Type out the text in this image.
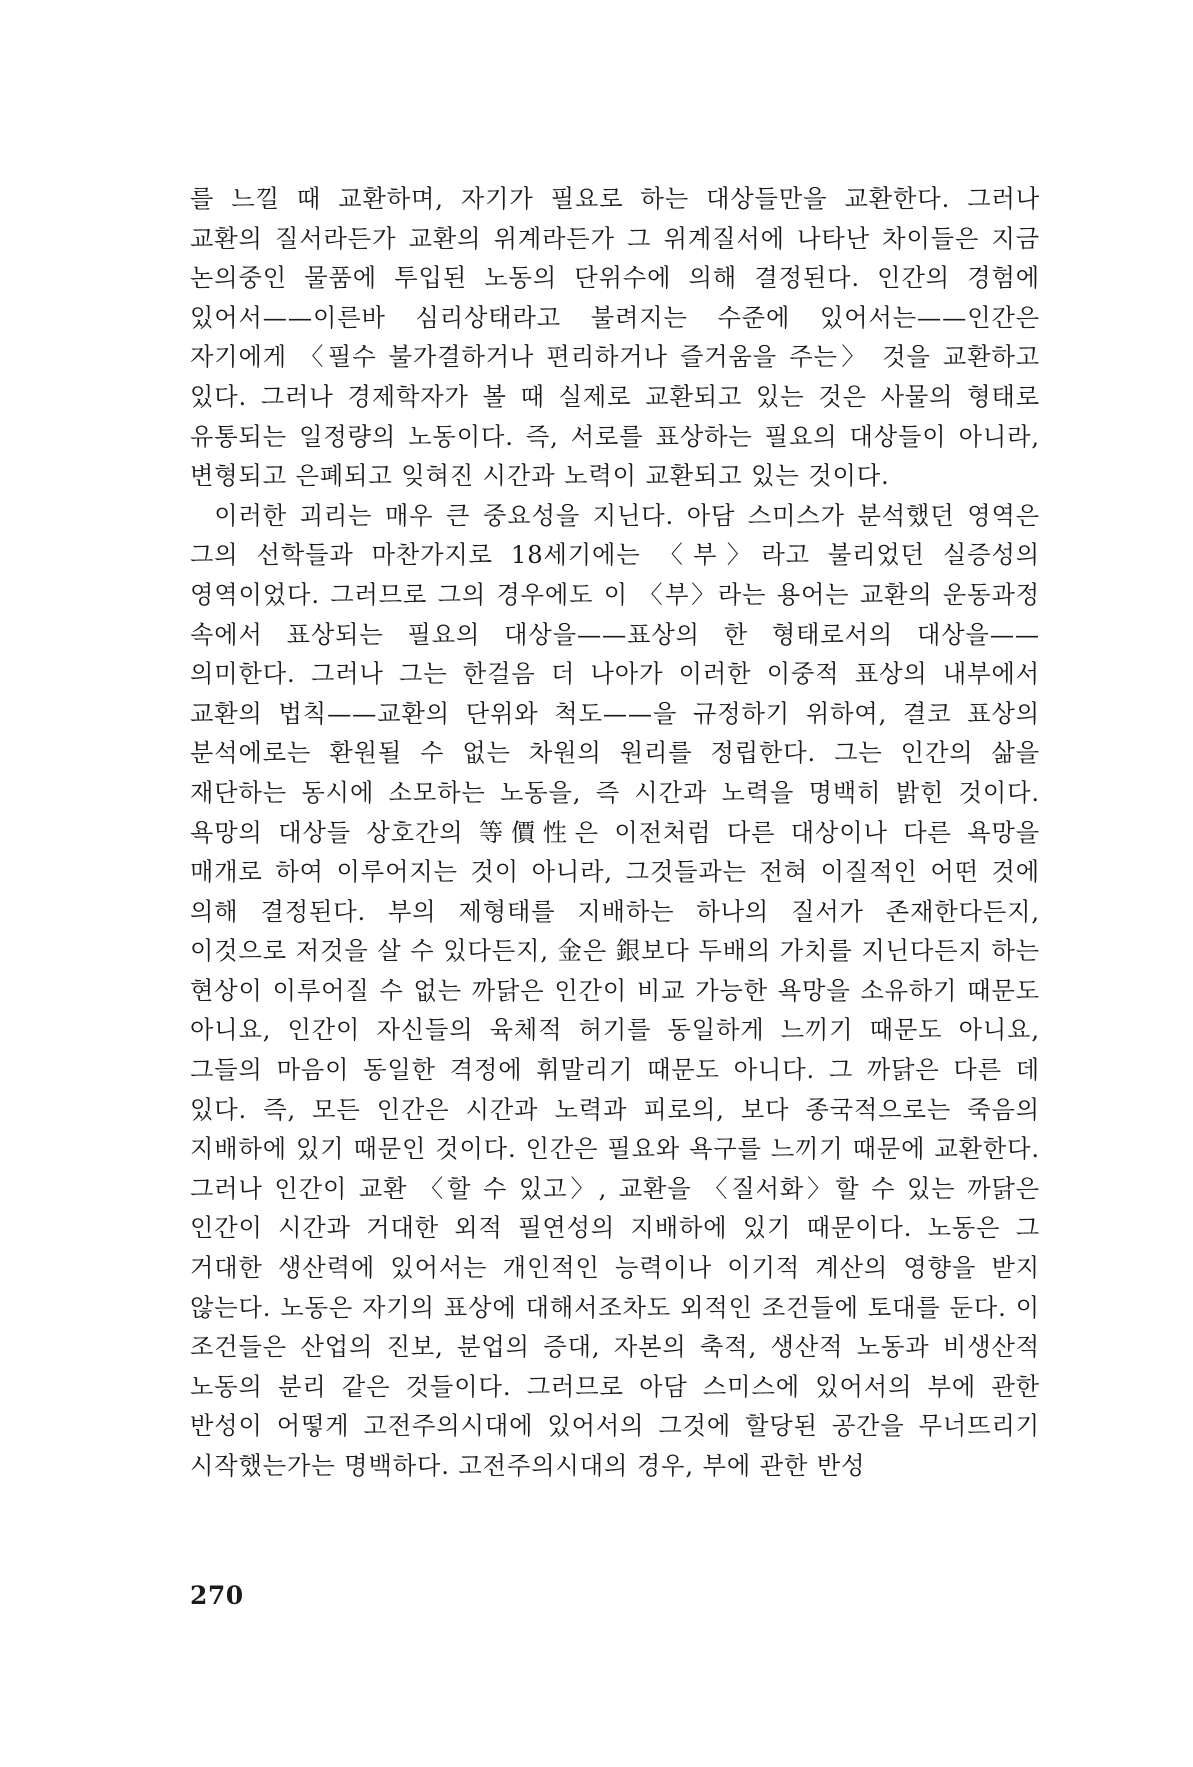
를 느낄 때 교환하며, 자기가 필요로 하는 대상들만을 교환한다. 그러나 교환의 질서라든가 교환의 위계라든가 그 위계질서에 나타난 차이들은 지금 논의중인 물품에 투입된 노동의 단위수에 의해 결정된다. 인간의 경험에 있어서——이른바 심리상태라고 불려지는 수준에 있어서는——인간은 자기에게 〈필수 불가결하거나 편리하거나 즐거움을 주는〉 것을 교환하고 있다. 그러나 경제학자가 볼 때 실제로 교환되고 있는 것은 사물의 형태로 유통되는 일정량의 노동이다. 즉, 서로를 표상하는 필요의 대상들이 아니라, 변형되고 은폐되고 잊혀진 시간과 노력이 교환되고 있는 것이다.

이러한 괴리는 매우 큰 중요성을 지닌다. 아담 스미스가 분석했던 영역은 그의 선학들과 마찬가지로 18세기에는 〈부〉라고 불리었던 실증성의 영역이었다. 그러므로 그의 경우에도 이 〈부〉라는 용어는 교환의 운동과정 속에서 표상되는 필요의 대상을——표상의 한 형태로서의 대상을——의미한다. 그러나 그는 한걸음 더 나아가 이러한 이중적 표상의 내부에서 교환의 법칙——교환의 단위와 척도——을 규정하기 위하여, 결코 표상의 분석에로는 환원될 수 없는 차원의 원리를 정립한다. 그는 인간의 삶을 재단하는 동시에 소모하는 노동을, 즉 시간과 노력을 명백히 밝힌 것이다. 욕망의 대상들 상호간의 等價性은 이전처럼 다른 대상이나 다른 욕망을 매개로 하여 이루어지는 것이 아니라, 그것들과는 전혀 이질적인 어떤 것에 의해 결정된다. 부의 제형태를 지배하는 하나의 질서가 존재한다든지, 이것으로 저것을 살 수 있다든지, 金은 銀보다 두배의 가치를 지닌다든지 하는 현상이 이루어질 수 없는 까닭은 인간이 비교 가능한 욕망을 소유하기 때문도 아니요, 인간이 자신들의 육체적 허기를 동일하게 느끼기 때문도 아니요, 그들의 마음이 동일한 격정에 휘말리기 때문도 아니다. 그 까닭은 다른 데 있다. 즉, 모든 인간은 시간과 노력과 피로의, 보다 종국적으로는 죽음의 지배하에 있기 때문인 것이다. 인간은 필요와 욕구를 느끼기 때문에 교환한다. 그러나 인간이 교환 〈할 수 있고〉, 교환을 〈질서화〉할 수 있는 까닭은 인간이 시간과 거대한 외적 필연성의 지배하에 있기 때문이다. 노동은 그 거대한 생산력에 있어서는 개인적인 능력이나 이기적 계산의 영향을 받지 않는다. 노동은 자기의 표상에 대해서조차도 외적인 조건들에 토대를 둔다. 이 조건들은 산업의 진보, 분업의 증대, 자본의 축적, 생산적 노동과 비생산적 노동의 분리 같은 것들이다. 그러므로 아담 스미스에 있어서의 부에 관한 반성이 어떻게 고전주의시대에 있어서의 그것에 할당된 공간을 무너뜨리기 시작했는가는 명백하다. 고전주의시대의 경우, 부에 관한 반성

270
